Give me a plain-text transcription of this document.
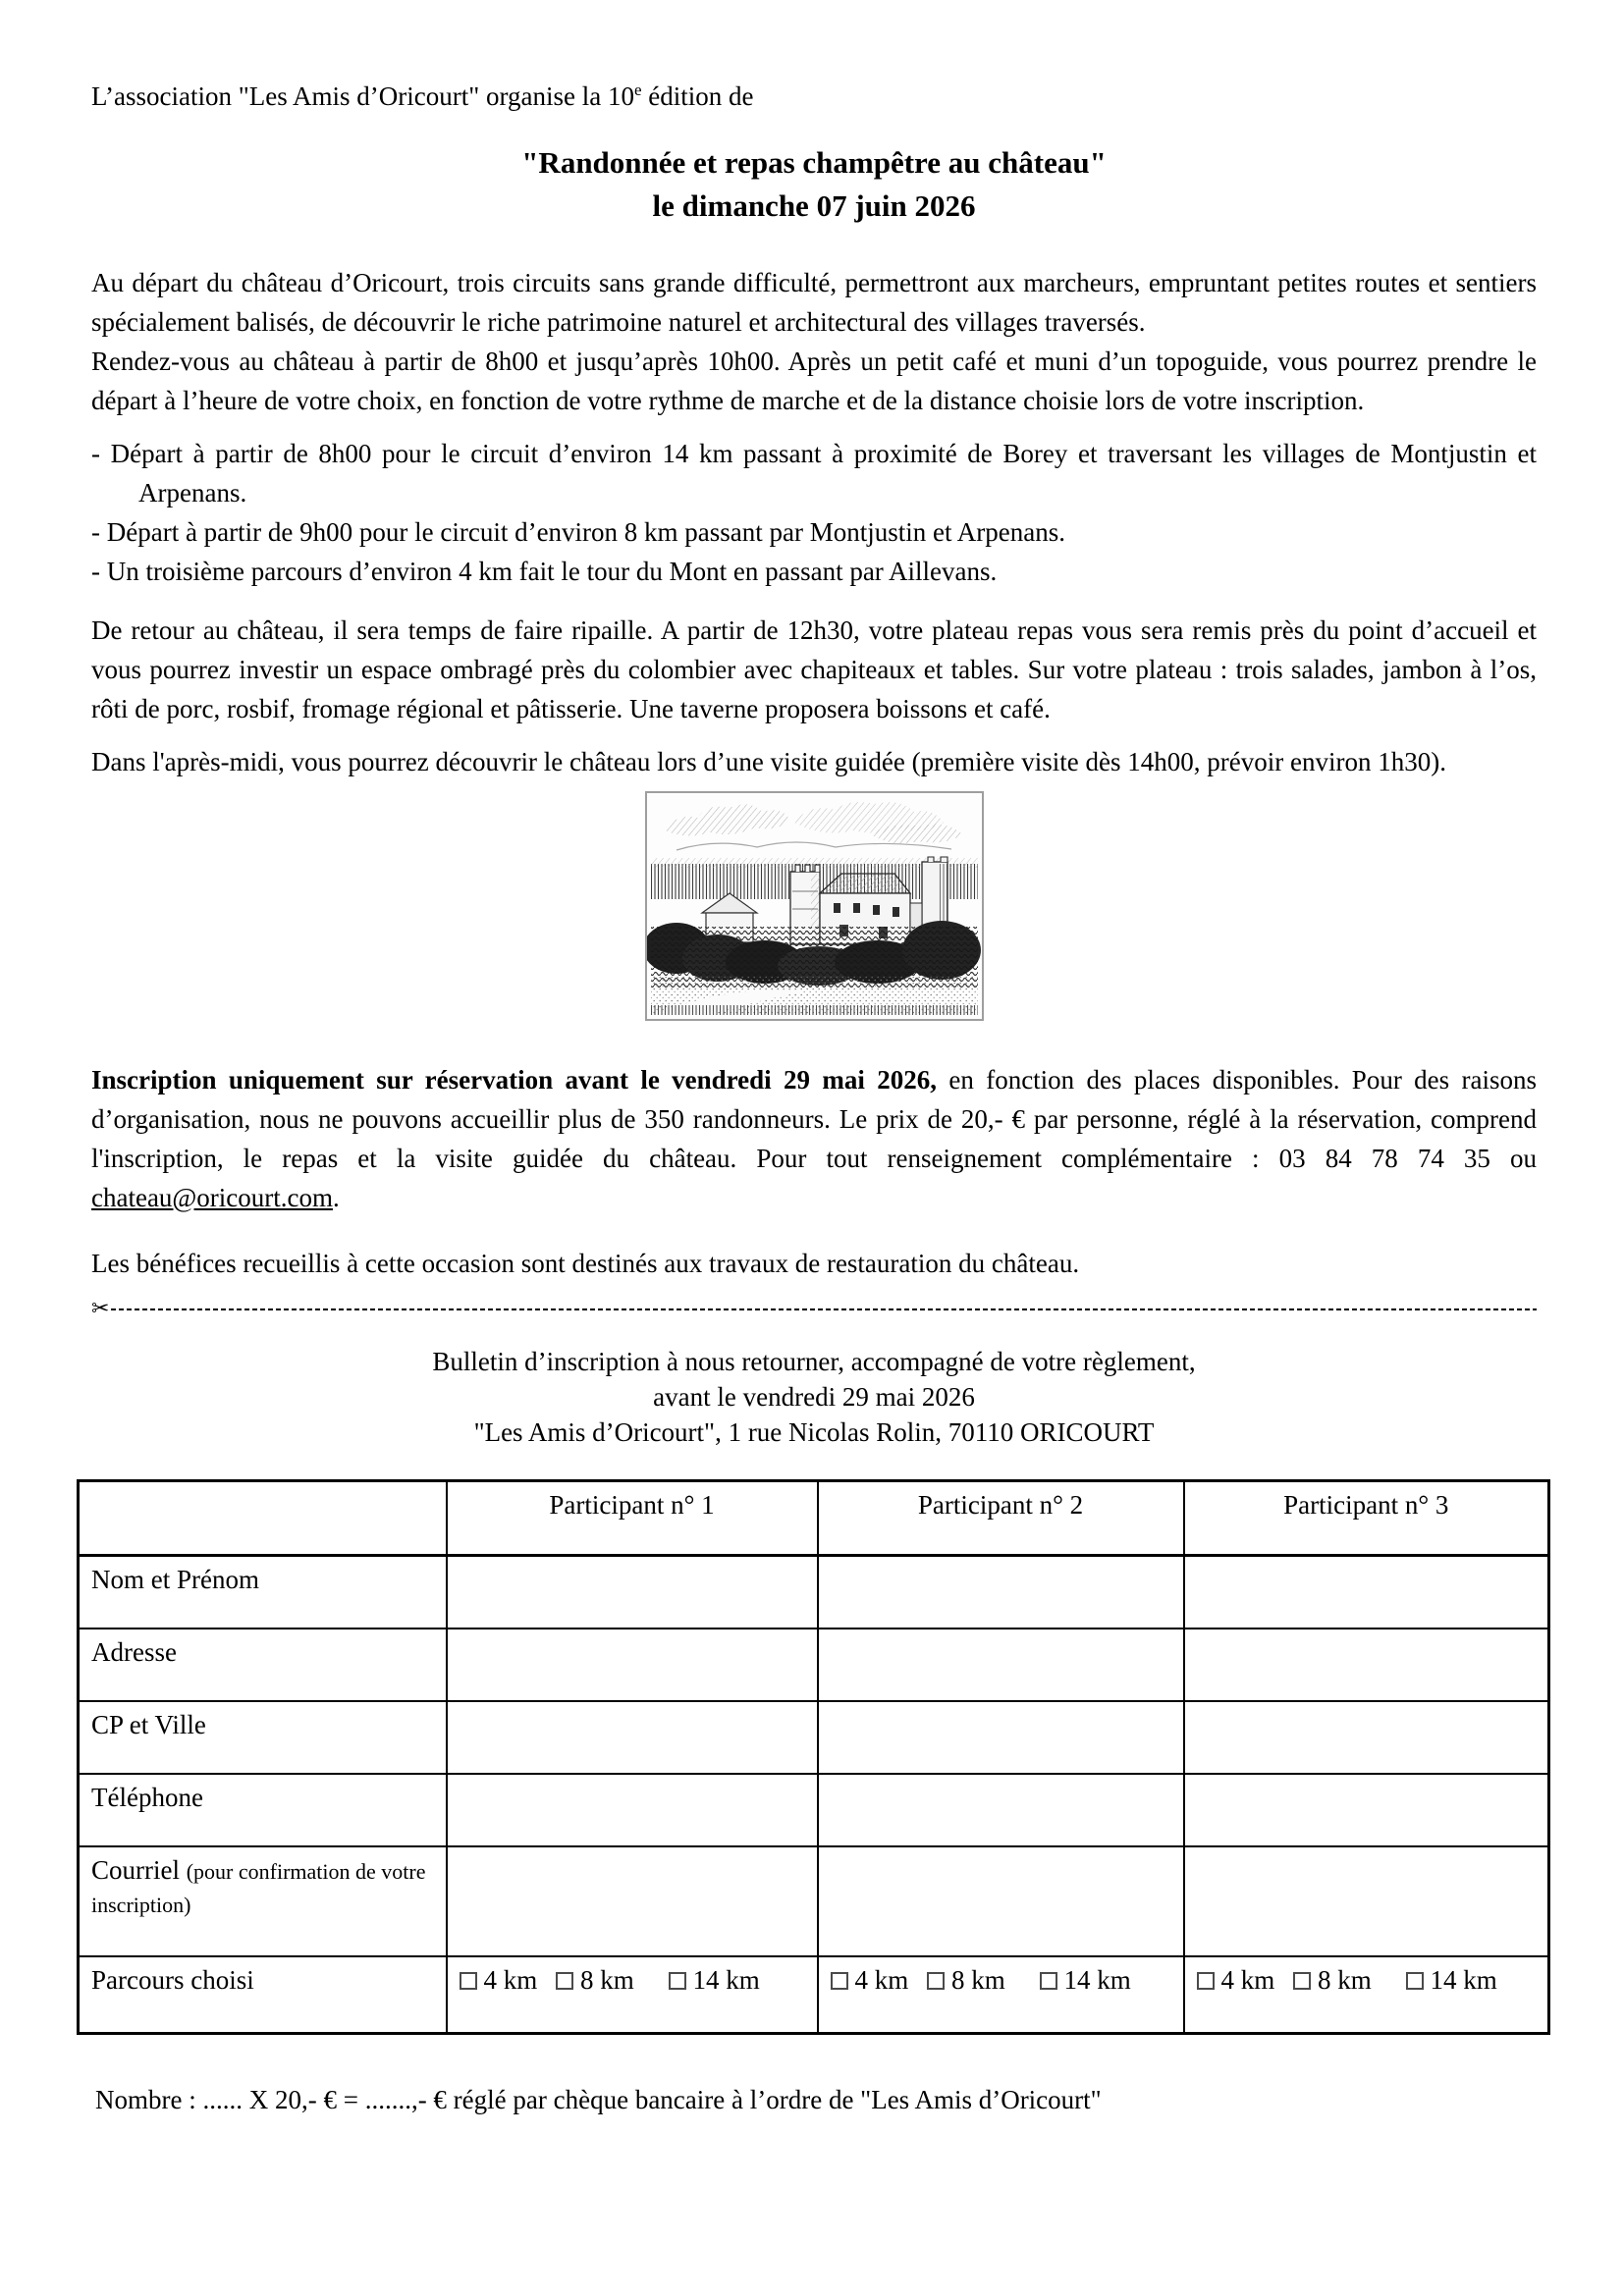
L’association "Les Amis d’Oricourt" organise la 10e édition de

"Randonnée et repas champêtre au château"
le dimanche 07 juin 2026

Au départ du château d’Oricourt, trois circuits sans grande difficulté, permettront aux marcheurs, empruntant petites routes et sentiers spécialement balisés, de découvrir le riche patrimoine naturel et architectural des villages traversés.

Rendez-vous au château à partir de 8h00 et jusqu’après 10h00. Après un petit café et muni d’un topoguide, vous pourrez prendre le départ à l’heure de votre choix, en fonction de votre rythme de marche et de la distance choisie lors de votre inscription.

- Départ à partir de 8h00 pour le circuit d’environ 14 km passant à proximité de Borey et traversant les villages de Montjustin et Arpenans.

- Départ à partir de 9h00 pour le circuit d’environ 8 km passant par Montjustin et Arpenans.

- Un troisième parcours d’environ 4 km fait le tour du Mont en passant par Aillevans.

De retour au château, il sera temps de faire ripaille. A partir de 12h30, votre plateau repas vous sera remis près du point d’accueil et vous pourrez investir un espace ombragé près du colombier avec chapiteaux et tables. Sur votre plateau : trois salades, jambon à l’os, rôti de porc, rosbif, fromage régional et pâtisserie. Une taverne proposera boissons et café.

Dans l'après-midi, vous pourrez découvrir le château lors d’une visite guidée (première visite dès 14h00, prévoir environ 1h30).

Inscription uniquement sur réservation avant le vendredi 29 mai 2026, en fonction des places disponibles. Pour des raisons d’organisation, nous ne pouvons accueillir plus de 350 randonneurs. Le prix de 20,- € par personne, réglé à la réservation, comprend l'inscription, le repas et la visite guidée du château. Pour tout renseignement complémentaire : 03 84 78 74 35 ou chateau@oricourt.com.

Les bénéfices recueillis à cette occasion sont destinés aux travaux de restauration du château.

✂
Bulletin d’inscription à nous retourner, accompagné de votre règlement,
avant le vendredi 29 mai 2026
"Les Amis d’Oricourt", 1 rue Nicolas Rolin, 70110 ORICOURT
	Participant n° 1	Participant n° 2	Participant n° 3
Nom et Prénom			
Adresse			
CP et Ville			
Téléphone			
Courriel (pour confirmation de votre inscription)			
Parcours choisi	4 km 8 km 14 km	4 km 8 km 14 km	4 km 8 km 14 km

Nombre : ...... X 20,- € = .......,- € réglé par chèque bancaire à l’ordre de "Les Amis d’Oricourt"
